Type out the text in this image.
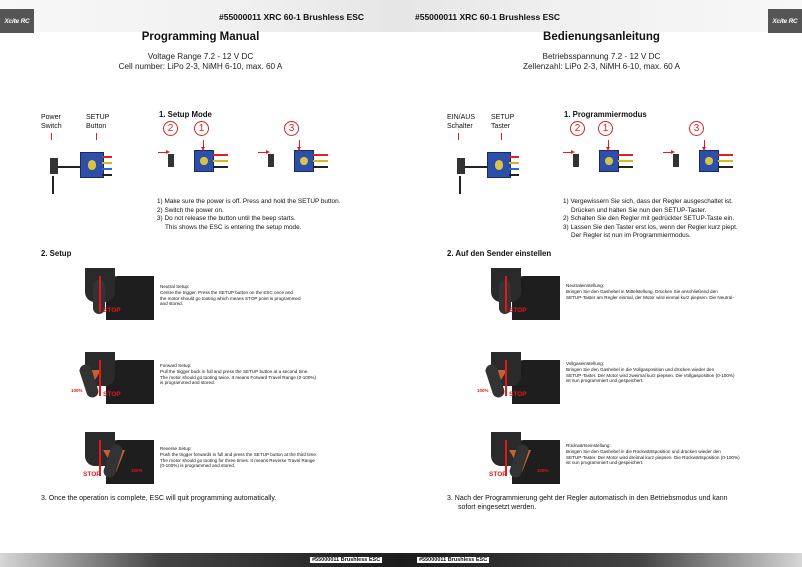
Xcite RC	#55000011 XRC 60-1 Brushless ESC
Programming Manual
Voltage Range 7.2 - 12 V DC
Cell number: LiPo 2-3, NiMH 6-10, max. 60 A
Power
Switch
SETUP
Button
1. Setup Mode
2	1	3
1) Make sure the power is off. Press and hold the SETUP button.
2) Switch the power on.
3) Do not release the button until the beep starts.
This shows the ESC is entering the setup mode.
2. Setup
STOP
100%
STOP
100%
STOP
Neutral Setup:
Centre the trigger. Press the SETUP button on the ESC once and
the motor should go tooting which means STOP point is programmed
and stored.
Forward Setup:
Pull the trigger back in full and press the SETUP button at a second time.
The motor should go tooting twice. It means Forward Travel Range (0-100%)
is programmed and stored.
Reverse Setup:
Push the trigger forwards in full and press the SETUP button at the third time.
The motor should go tooting for three times. It means Reverse Travel Range
(0-100%) is programmed and stored.
3. Once the operation is complete, ESC will quit programming automatically.
#55000011 Brushless ESC
Xcite RC
#55000011 XRC 60-1 Brushless ESC
Bedienungsanleitung
Betriebsspannung 7.2 - 12 V DC
Zellenzahl: LiPo 2-3, NiMH 6-10, max. 60 A
EIN/AUS
Schalter
SETUP
Taster
1. Programmiermodus
2	1	3
1) Vergewissern Sie sich, dass der Regler ausgeschaltet ist.
Drücken und halten Sie nun den SETUP-Taster.
2) Schalten Sie den Regler mit gedrückter SETUP-Taste ein.
3) Lassen Sie den Taster erst los, wenn der Regler kurz piept.
Der Regler ist nun im Programmiermodus.
2. Auf den Sender einstellen
STOP
100%
STOP
100%
STOP
Neutraleinstellung:
Bringen Sie den Gashebel in Mittelstellung. Drücken Sie anschließend den
SETUP-Taster am Regler einmal, der Motor wird einmal kurz piepsen. Die Neutral-
Vollgaseinstellung:
Bringen Sie den Gashebel in die Vollgasposition und drücken wieder den
SETUP-Taster. Der Motor wird zweimal kurz piepsen. Die Vollgasposition (0-100%)
ist nun programmiert und gespeichert.
Rückwärtseinstellung:
Bringen Sie den Gashebel in die Rückwärtsposition und drücken wieder den
SETUP-Taster. Der Motor wird dreimal kurz piepsen. Die Rückwärtsposition (0-100%)
ist nun programmiert und gespeichert.
3. Nach der Programmierung geht der Regler automatisch in den Betriebsmodus und kann
sofort eingesetzt werden.
#55000011 Brushless ESC
